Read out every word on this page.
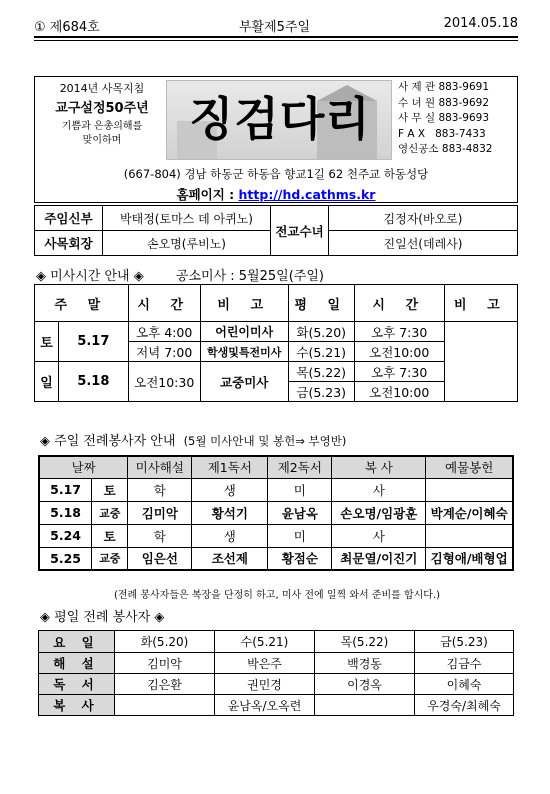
① 제684호	부활제5주일	2014.05.18
2014년 사목지침
교구설정50주년
기쁨과 은총의해를
맞이하며	징검다리
사 제 관 883-9691
수 녀 원 883-9692
사 무 실 883-9693
F A X   883-7433
영신공소 883-4832
(667-804) 경남 하동군 하동읍 향교1길 62 천주교 하동성당
홈페이지 : http://hd.cathms.kr
주임신부	박태정(토마스 데 아퀴노)	전교수녀	김정자(바오로)
사목회장	손오명(루비노)		진일선(데레사)
◈ 미사시간 안내 ◈ 공소미사 : 5월25일(주일)
주 말		시 간	비 고	평 일	시 간	비 고
토	5.17	오후 4:00	어린이미사	화(5.20)	오후 7:30	
		저녁 7:00	학생및특전미사	수(5.21)	오전10:00	
일	5.18	오전10:30	교중미사	목(5.22)	오후 7:30	
				금(5.23)	오전10:00	
◈ 주일 전례봉사자 안내 (5월 미사안내 및 봉헌⇒ 부영반)
날짜		미사해설	제1독서	제2독서	복 사	예물봉헌
5.17	토	학	생	미	사	
5.18	교중	김미악	황석기	윤남옥	손오명/임광훈	박계순/이혜숙
5.24	토	학	생	미	사	
5.25	교중	임은선	조선제	황점순	최문열/이진기	김형애/배형업
(전례 봉사자들은 복장을 단정히 하고, 미사 전에 일찍 와서 준비를 합시다.)
◈ 평일 전례 봉사자 ◈
요 일	화(5.20)	수(5.21)	목(5.22)	금(5.23)
해 설	김미악	박은주	백경동	김금수
독 서	김은환	권민경	이경옥	이혜숙
복 사		윤남옥/오옥련		우경숙/최혜숙
